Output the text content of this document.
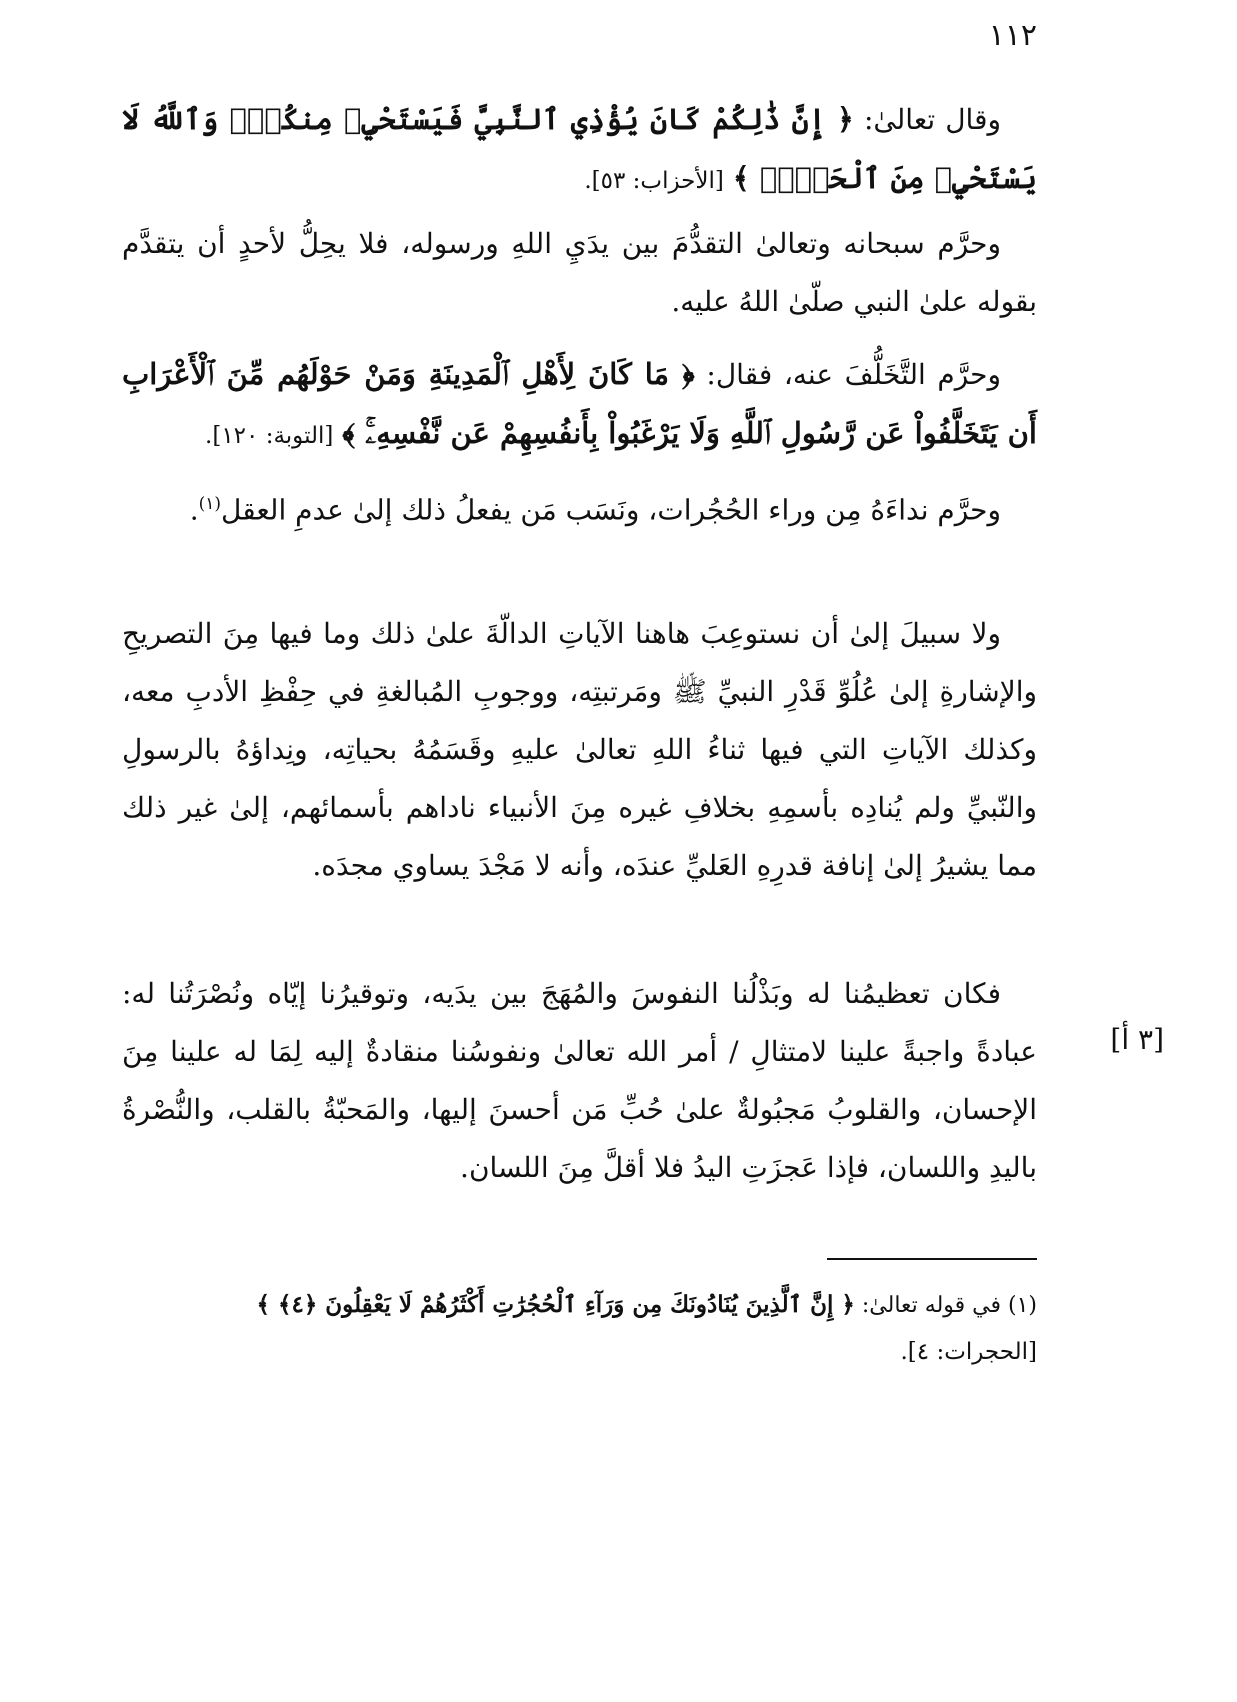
١١٢

وقال تعالىٰ: ﴿ إِنَّ ذَٰلِكُمْ كَانَ يُؤْذِي ٱلنَّبِيَّ فَيَسْتَحْيِۦ مِنكُمْۖ وَٱللَّهُ لَا يَسْتَحْيِۦ مِنَ ٱلْحَقِّۚ ﴾ [الأحزاب: ٥٣].

وحرَّم سبحانه وتعالىٰ التقدُّمَ بين يدَيِ اللهِ ورسوله، فلا يحِلُّ لأحدٍ أن يتقدَّم بقوله علىٰ النبي صلّىٰ اللهُ عليه.

وحرَّم التَّخَلُّفَ عنه، فقال: ﴿ مَا كَانَ لِأَهْلِ ٱلْمَدِينَةِ وَمَنْ حَوْلَهُم مِّنَ ٱلْأَعْرَابِ أَن يَتَخَلَّفُواْ عَن رَّسُولِ ٱللَّهِ وَلَا يَرْغَبُواْ بِأَنفُسِهِمْ عَن نَّفْسِهِۦۚ ﴾ [التوبة: ١٢٠].

وحرَّم نداءَهُ مِن وراء الحُجُرات، ونَسَب مَن يفعلُ ذلك إلىٰ عدمِ العقل$^{(١)}$.

ولا سبيلَ إلىٰ أن نستوعِبَ هاهنا الآياتِ الدالّةَ علىٰ ذلك وما فيها مِنَ التصريحِ والإشارةِ إلىٰ عُلُوِّ قَدْرِ النبيِّ ﷺ ومَرتبتِه، ووجوبِ المُبالغةِ في حِفْظِ الأدبِ معه، وكذلك الآياتِ التي فيها ثناءُ اللهِ تعالىٰ عليهِ وقَسَمُهُ بحياتِه، ونِداؤهُ بالرسولِ والنّبيِّ ولم يُنادِه بأسمِهِ بخلافِ غيره مِنَ الأنبياء ناداهم بأسمائهم، إلىٰ غير ذلك مما يشيرُ إلىٰ إنافة قدرِهِ العَليِّ عندَه، وأنه لا مَجْدَ يساوي مجدَه.

فكان تعظيمُنا له وبَذْلُنا النفوسَ والمُهَجَ بين يدَيه، وتوقيرُنا إيّاه ونُصْرَتُنا له: عبادةً واجبةً علينا لامتثالِ / أمر الله تعالىٰ ونفوسُنا منقادةٌ إليه لِمَا له علينا مِنَ الإحسان، والقلوبُ مَجبُولةٌ علىٰ حُبِّ مَن أحسنَ إليها، والمَحبّةُ بالقلب، والنُّصْرةُ باليدِ واللسان، فإذا عَجزَتِ اليدُ فلا أقلَّ مِنَ اللسان.

[٣ أ]
(١) في قوله تعالىٰ: ﴿ إِنَّ ٱلَّذِينَ يُنَادُونَكَ مِن وَرَآءِ ٱلْحُجُرَٰتِ أَكْثَرُهُمْ لَا يَعْقِلُونَ ﴿٤﴾ ﴾
[الحجرات: ٤].
